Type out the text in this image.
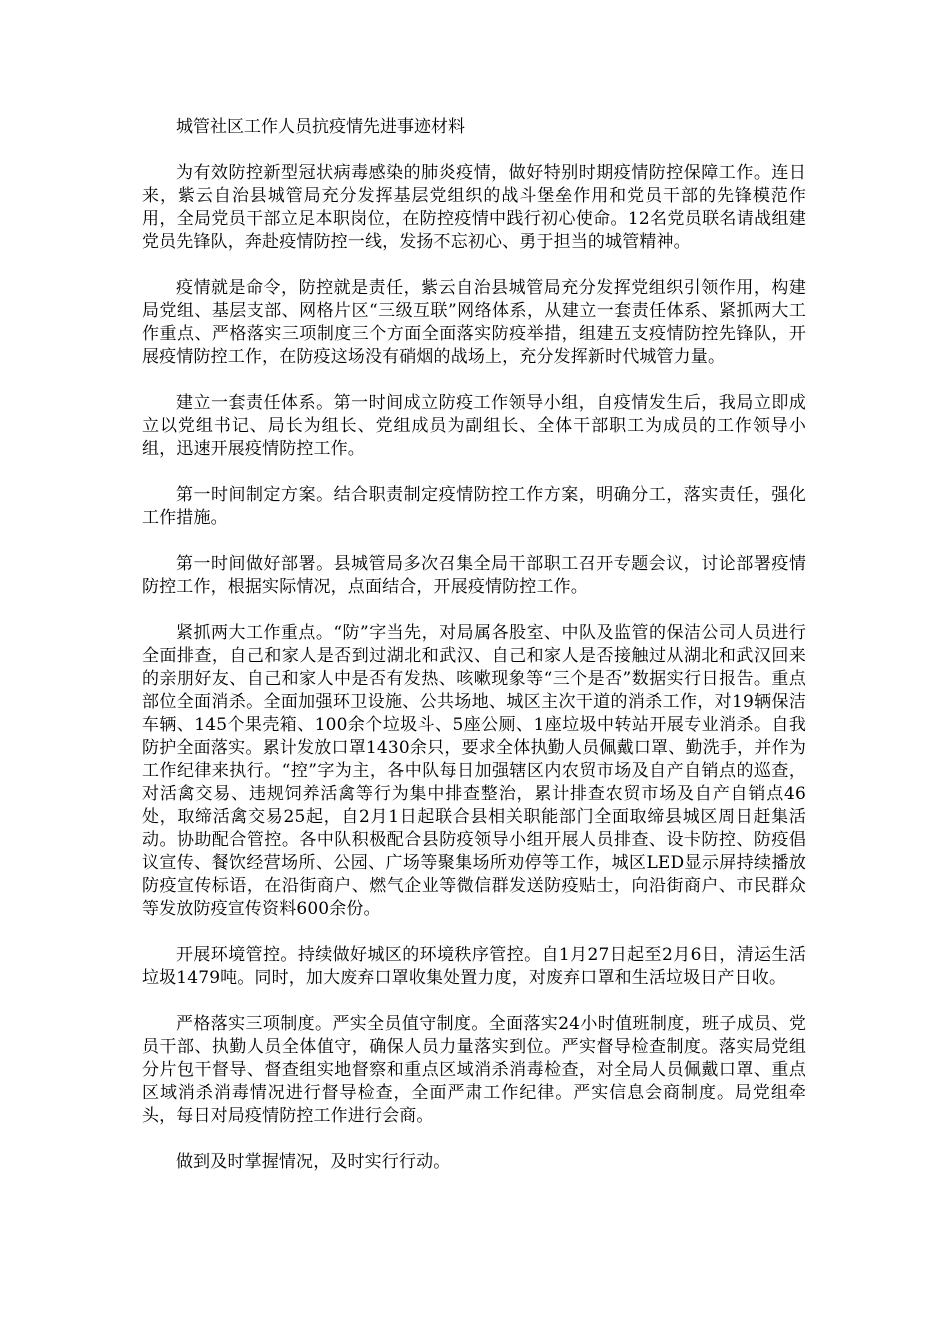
城管社区工作人员抗疫情先进事迹材料

为有效防控新型冠状病毒感染的肺炎疫情，做好特别时期疫情防控保障工作。连日来，紫云自治县城管局充分发挥基层党组织的战斗堡垒作用和党员干部的先锋模范作用，全局党员干部立足本职岗位，在防控疫情中践行初心使命。12名党员联名请战组建党员先锋队，奔赴疫情防控一线，发扬不忘初心、勇于担当的城管精神。

疫情就是命令，防控就是责任，紫云自治县城管局充分发挥党组织引领作用，构建局党组、基层支部、网格片区“三级互联”网络体系，从建立一套责任体系、紧抓两大工作重点、严格落实三项制度三个方面全面落实防疫举措，组建五支疫情防控先锋队，开展疫情防控工作，在防疫这场没有硝烟的战场上，充分发挥新时代城管力量。

建立一套责任体系。第一时间成立防疫工作领导小组，自疫情发生后，我局立即成立以党组书记、局长为组长、党组成员为副组长、全体干部职工为成员的工作领导小组，迅速开展疫情防控工作。

第一时间制定方案。结合职责制定疫情防控工作方案，明确分工，落实责任，强化工作措施。

第一时间做好部署。县城管局多次召集全局干部职工召开专题会议，讨论部署疫情防控工作，根据实际情况，点面结合，开展疫情防控工作。

紧抓两大工作重点。“防”字当先，对局属各股室、中队及监管的保洁公司人员进行全面排查，自己和家人是否到过湖北和武汉、自己和家人是否接触过从湖北和武汉回来的亲朋好友、自己和家人中是否有发热、咳嗽现象等“三个是否”数据实行日报告。重点部位全面消杀。全面加强环卫设施、公共场地、城区主次干道的消杀工作，对19辆保洁车辆、145个果壳箱、100余个垃圾斗、5座公厕、1座垃圾中转站开展专业消杀。自我防护全面落实。累计发放口罩1430余只，要求全体执勤人员佩戴口罩、勤洗手，并作为工作纪律来执行。“控”字为主，各中队每日加强辖区内农贸市场及自产自销点的巡查，对活禽交易、违规饲养活禽等行为集中排查整治，累计排查农贸市场及自产自销点46处，取缔活禽交易25起，自2月1日起联合县相关职能部门全面取缔县城区周日赶集活动。协助配合管控。各中队积极配合县防疫领导小组开展人员排查、设卡防控、防疫倡议宣传、餐饮经营场所、公园、广场等聚集场所劝停等工作，城区LED显示屏持续播放防疫宣传标语，在沿街商户、燃气企业等微信群发送防疫贴士，向沿街商户、市民群众等发放防疫宣传资料600余份。

开展环境管控。持续做好城区的环境秩序管控。自1月27日起至2月6日，清运生活垃圾1479吨。同时，加大废弃口罩收集处置力度，对废弃口罩和生活垃圾日产日收。

严格落实三项制度。严实全员值守制度。全面落实24小时值班制度，班子成员、党员干部、执勤人员全体值守，确保人员力量落实到位。严实督导检查制度。落实局党组分片包干督导、督查组实地督察和重点区域消杀消毒检查，对全局人员佩戴口罩、重点区域消杀消毒情况进行督导检查，全面严肃工作纪律。严实信息会商制度。局党组牵头，每日对局疫情防控工作进行会商。

做到及时掌握情况，及时实行行动。
